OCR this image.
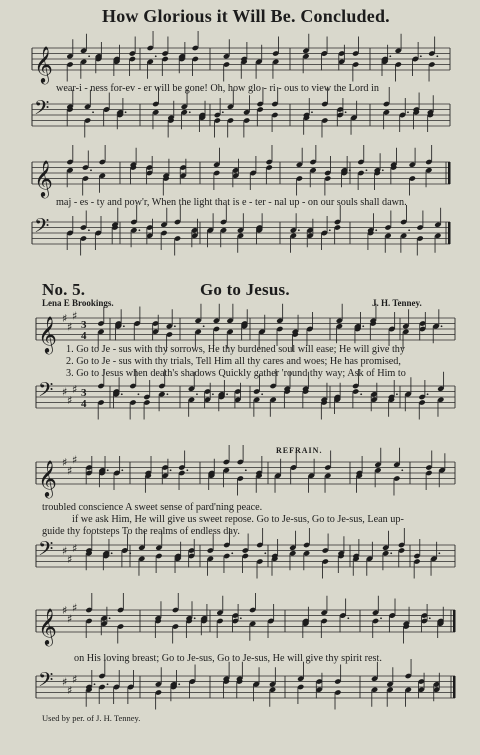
How Glorious it Will Be. Concluded.
No. 5.	Go to Jesus.
Lena E Brookings.	J. H. Tenney.
REFRAIN.
Used by per. of J. H. Tenney.
wear-i - ness for-ev - er will be gone! Oh, how glo - ri - ous to view the Lord in
maj - es - ty and pow'r, When the light that is e - ter - nal up - on our souls shall dawn.
1. Go to Je - sus with thy sorrows, He thy burdened soul will ease; He will give thy
2. Go to Je - sus with thy trials, Tell Him all thy cares and woes; He has promised,
3. Go to Jesus when death's shadows Quickly gather 'round thy way; Ask of Him to
troubled conscience A sweet sense of pard'ning peace.
if we ask Him, He will give us sweet repose. Go to Je-sus, Go to Je-sus, Lean up-
guide thy footsteps To the realms of endless day.
on His loving breast; Go to Je-sus, Go to Je-sus, He will give thy spirit rest.
𝄞
𝄢
𝄞
𝄢
𝄞 ♯
♯
♯
3
4
𝄢 ♯
♯
♯ 3
4
𝄞 ♯
♯
♯
𝄢 ♯
♯
♯
𝄞 ♯
♯
♯
𝄢 ♯
♯
♯
